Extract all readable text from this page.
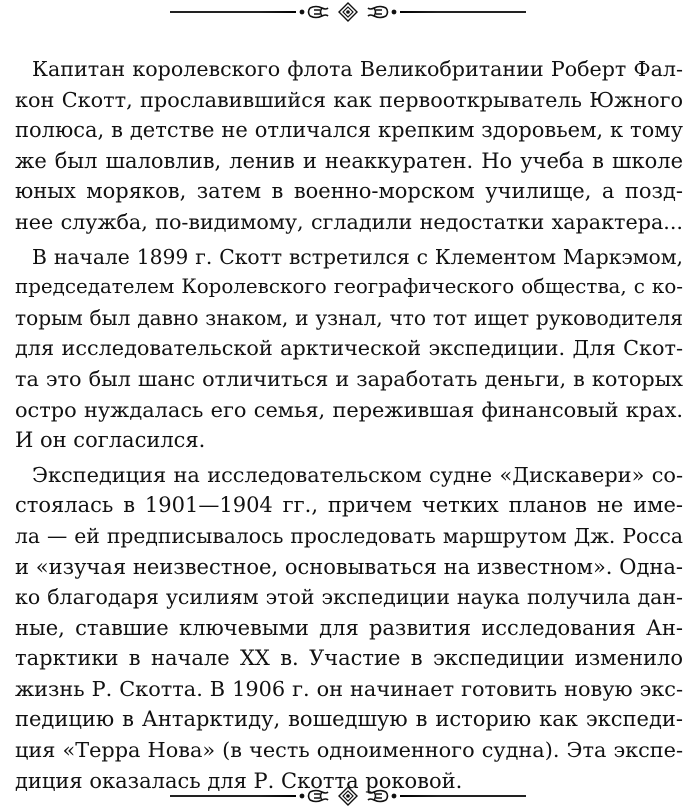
Капитан королевского флота Великобритании Роберт Фал-
кон Скотт, прославившийся как первооткрыватель Южного
полюса, в детстве не отличался крепким здоровьем, к тому
же был шаловлив, ленив и неаккуратен. Но учеба в школе
юных моряков, затем в военно-морском училище, а позд-
нее служба, по-видимому, сгладили недостатки характера...

В начале 1899 г. Скотт встретился с Клементом Маркэмом,
председателем Королевского географического общества, с ко-
торым был давно знаком, и узнал, что тот ищет руководителя
для исследовательской арктической экспедиции. Для Скот-
та это был шанс отличиться и заработать деньги, в которых
остро нуждалась его семья, пережившая финансовый крах.
И он согласился.

Экспедиция на исследовательском судне «Дискавери» со-
стоялась в 1901—1904 гг., причем четких планов не име-
ла — ей предписывалось проследовать маршрутом Дж. Росса
и «изучая неизвестное, основываться на известном». Одна-
ко благодаря усилиям этой экспедиции наука получила дан-
ные, ставшие ключевыми для развития исследования Ан-
тарктики в начале XX в. Участие в экспедиции изменило
жизнь Р. Скотта. В 1906 г. он начинает готовить новую экс-
педицию в Антарктиду, вошедшую в историю как экспеди-
ция «Терра Нова» (в честь одноименного судна). Эта экспе-
диция оказалась для Р. Скотта роковой.
